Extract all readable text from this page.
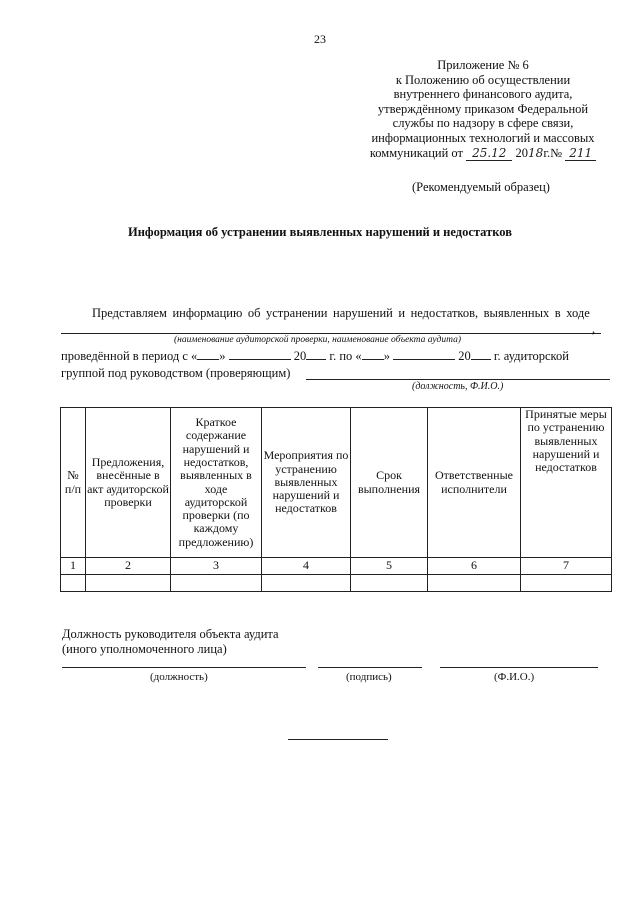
23
Приложение № 6
к Положению об осуществлении
внутреннего финансового аудита,
утверждённому приказом Федеральной
службы по надзору в сфере связи,
информационных технологий и массовых
коммуникаций от 25.12 2018г.№ 211
(Рекомендуемый образец)
Информация об устранении выявленных нарушений и недостатков
Представляем информацию об устранении нарушений и недостатков, выявленных в ходе
,
(наименование аудиторской проверки, наименование объекта аудита)
проведённой в период с « »	20 г. по « »	20 г. аудиторской
группой под руководством (проверяющим)
(должность, Ф.И.О.)
№ п/п	Предложения, внесённые в акт аудиторской проверки	Краткое содержание нарушений и недостатков, выявленных в ходе аудиторской проверки (по каждому предложению)	Мероприятия по устранению выявленных нарушений и недостатков	Срок выполнения	Ответственные исполнители	Принятые меры по устранению выявленных нарушений и недостатков
1	2	3	4	5	6	7

Должность руководителя объекта аудита
(иного уполномоченного лица)
(должность)	(подпись)	(Ф.И.О.)
